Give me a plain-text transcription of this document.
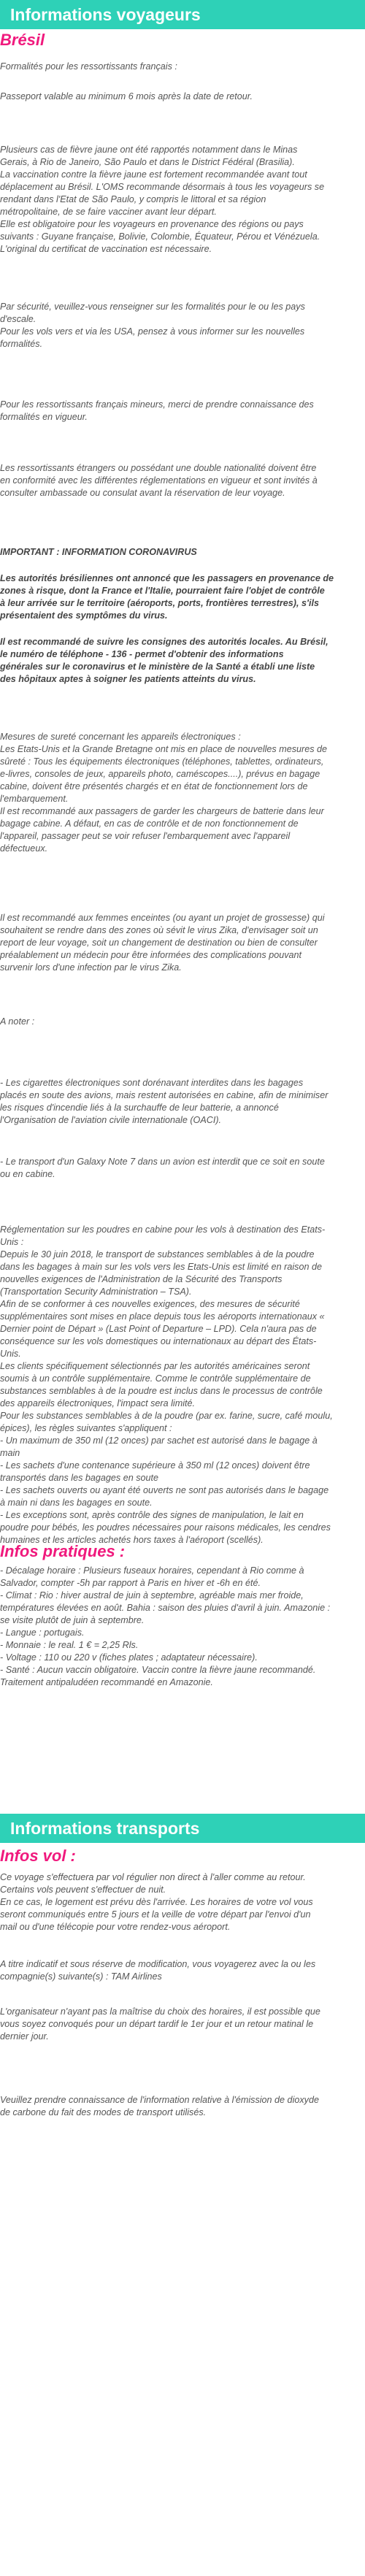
Informations voyageurs
Brésil

Formalités pour les ressortissants français :

Passeport valable au minimum 6 mois après la date de retour.

Plusieurs cas de fièvre jaune ont été rapportés notamment dans le Minas
Gerais, à Rio de Janeiro, São Paulo et dans le District Fédéral (Brasilia).
La vaccination contre la fièvre jaune est fortement recommandée avant tout
déplacement au Brésil. L'OMS recommande désormais à tous les voyageurs se
rendant dans l'Etat de São Paulo, y compris le littoral et sa région
métropolitaine, de se faire vacciner avant leur départ.
Elle est obligatoire pour les voyageurs en provenance des régions ou pays
suivants : Guyane française, Bolivie, Colombie, Équateur, Pérou et Vénézuela.
L'original du certificat de vaccination est nécessaire.

Par sécurité, veuillez-vous renseigner sur les formalités pour le ou les pays
d'escale.
Pour les vols vers et via les USA, pensez à vous informer sur les nouvelles
formalités.

Pour les ressortissants français mineurs, merci de prendre connaissance des
formalités en vigueur.

Les ressortissants étrangers ou possédant une double nationalité doivent être
en conformité avec les différentes réglementations en vigueur et sont invités à
consulter ambassade ou consulat avant la réservation de leur voyage.

IMPORTANT : INFORMATION CORONAVIRUS

Les autorités brésiliennes ont annoncé que les passagers en provenance de
zones à risque, dont la France et l'Italie, pourraient faire l'objet de contrôle
à leur arrivée sur le territoire (aéroports, ports, frontières terrestres), s'ils
présentaient des symptômes du virus.

Il est recommandé de suivre les consignes des autorités locales. Au Brésil,
le numéro de téléphone - 136 - permet d'obtenir des informations
générales sur le coronavirus et le ministère de la Santé a établi une liste
des hôpitaux aptes à soigner les patients atteints du virus.

Mesures de sureté concernant les appareils électroniques :
Les Etats-Unis et la Grande Bretagne ont mis en place de nouvelles mesures de
sûreté : Tous les équipements électroniques (téléphones, tablettes, ordinateurs,
e-livres, consoles de jeux, appareils photo, caméscopes....), prévus en bagage
cabine, doivent être présentés chargés et en état de fonctionnement lors de
l'embarquement.
Il est recommandé aux passagers de garder les chargeurs de batterie dans leur
bagage cabine. A défaut, en cas de contrôle et de non fonctionnement de
l'appareil, passager peut se voir refuser l'embarquement avec l'appareil
défectueux.

Il est recommandé aux femmes enceintes (ou ayant un projet de grossesse) qui
souhaitent se rendre dans des zones où sévit le virus Zika, d'envisager soit un
report de leur voyage, soit un changement de destination ou bien de consulter
préalablement un médecin pour être informées des complications pouvant
survenir lors d'une infection par le virus Zika.

A noter :

- Les cigarettes électroniques sont dorénavant interdites dans les bagages
placés en soute des avions, mais restent autorisées en cabine, afin de minimiser
les risques d'incendie liés à la surchauffe de leur batterie, a annoncé
l'Organisation de l'aviation civile internationale (OACI).

- Le transport d'un Galaxy Note 7 dans un avion est interdit que ce soit en soute
ou en cabine.

Réglementation sur les poudres en cabine pour les vols à destination des Etats-
Unis :
Depuis le 30 juin 2018, le transport de substances semblables à de la poudre
dans les bagages à main sur les vols vers les Etats-Unis est limité en raison de
nouvelles exigences de l'Administration de la Sécurité des Transports
(Transportation Security Administration – TSA).
Afin de se conformer à ces nouvelles exigences, des mesures de sécurité
supplémentaires sont mises en place depuis tous les aéroports internationaux «
Dernier point de Départ » (Last Point of Departure – LPD). Cela n'aura pas de
conséquence sur les vols domestiques ou internationaux au départ des États-
Unis.
Les clients spécifiquement sélectionnés par les autorités américaines seront
soumis à un contrôle supplémentaire. Comme le contrôle supplémentaire de
substances semblables à de la poudre est inclus dans le processus de contrôle
des appareils électroniques, l'impact sera limité.
Pour les substances semblables à de la poudre (par ex. farine, sucre, café moulu,
épices), les règles suivantes s'appliquent :
- Un maximum de 350 ml (12 onces) par sachet est autorisé dans le bagage à
main
- Les sachets d'une contenance supérieure à 350 ml (12 onces) doivent être
transportés dans les bagages en soute
- Les sachets ouverts ou ayant été ouverts ne sont pas autorisés dans le bagage
à main ni dans les bagages en soute.
- Les exceptions sont, après contrôle des signes de manipulation, le lait en
poudre pour bébés, les poudres nécessaires pour raisons médicales, les cendres
humaines et les articles achetés hors taxes à l'aéroport (scellés).

Infos pratiques :

- Décalage horaire : Plusieurs fuseaux horaires, cependant à Rio comme à
Salvador, compter -5h par rapport à Paris en hiver et -6h en été.
- Climat : Rio : hiver austral de juin à septembre, agréable mais mer froide,
températures élevées en août. Bahia : saison des pluies d'avril à juin. Amazonie :
se visite plutôt de juin à septembre.
- Langue : portugais.
- Monnaie : le real. 1 € = 2,25 Rls.
- Voltage : 110 ou 220 v (fiches plates ; adaptateur nécessaire).
- Santé : Aucun vaccin obligatoire. Vaccin contre la fièvre jaune recommandé.
Traitement antipaludéen recommandé en Amazonie.

Informations transports
Infos vol :

Ce voyage s'effectuera par vol régulier non direct à l'aller comme au retour.
Certains vols peuvent s'effectuer de nuit.
En ce cas, le logement est prévu dès l'arrivée. Les horaires de votre vol vous
seront communiqués entre 5 jours et la veille de votre départ par l'envoi d'un
mail ou d'une télécopie pour votre rendez-vous aéroport.

A titre indicatif et sous réserve de modification, vous voyagerez avec la ou les
compagnie(s) suivante(s) : TAM Airlines

L'organisateur n'ayant pas la maîtrise du choix des horaires, il est possible que
vous soyez convoqués pour un départ tardif le 1er jour et un retour matinal le
dernier jour.

Veuillez prendre connaissance de l'information relative à l'émission de dioxyde
de carbone du fait des modes de transport utilisés.
